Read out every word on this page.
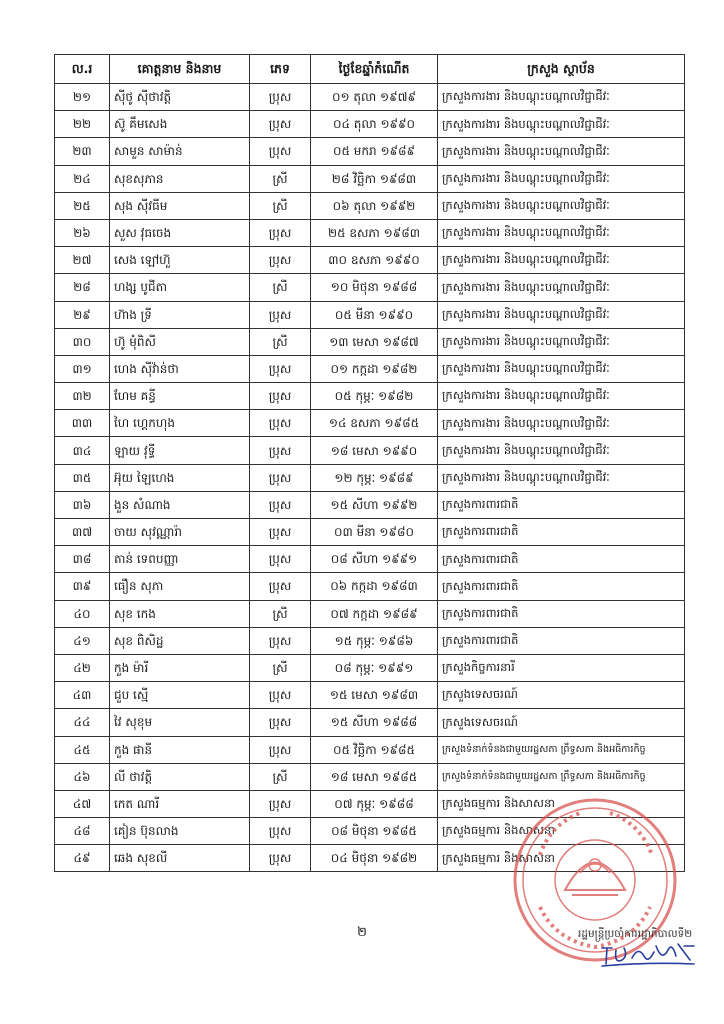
ល.រ	គោត្តនាម និងនាម	ភេទ	ថ្ងៃខែឆ្នាំកំណើត	ក្រសួង ស្ថាប័ន
២១	ស៊ីថូ ស៊ីថាវត្តិ	ប្រុស	០១ តុលា ១៩៧៩	ក្រសួងការងារ និងបណ្តុះបណ្តាលវិជ្ជាជីវៈ
២២	ស៊ូ គឹមសេង	ប្រុស	០៤ តុលា ១៩៩០	ក្រសួងការងារ និងបណ្តុះបណ្តាលវិជ្ជាជីវៈ
២៣	សាមួន សាម៉ាន់	ប្រុស	០៥ មករា ១៩៨៩	ក្រសួងការងារ និងបណ្តុះបណ្តាលវិជ្ជាជីវៈ
២៤	សុខសុភាន	ស្រី	២៨ វិច្ឆិកា ១៩៨៣	ក្រសួងការងារ និងបណ្តុះបណ្តាលវិជ្ជាជីវៈ
២៥	សុង ស៊ីវធីម	ស្រី	០៦ តុលា ១៩៩២	ក្រសួងការងារ និងបណ្តុះបណ្តាលវិជ្ជាជីវៈ
២៦	សួស វុធចេង	ប្រុស	២៥ ឧសភា ១៩៨៣	ក្រសួងការងារ និងបណ្តុះបណ្តាលវិជ្ជាជីវៈ
២៧	សេង ឡៅហ៊ួ	ប្រុស	៣០ ឧសភា ១៩៩០	ក្រសួងការងារ និងបណ្តុះបណ្តាលវិជ្ជាជីវៈ
២៨	ហង្ស បូជីតា	ស្រី	១០ មិថុនា ១៩៨៨	ក្រសួងការងារ និងបណ្តុះបណ្តាលវិជ្ជាជីវៈ
២៩	ហ៊ាង ទ្រី	ប្រុស	០៥ មីនា ១៩៩០	ក្រសួងការងារ និងបណ្តុះបណ្តាលវិជ្ជាជីវៈ
៣០	ហ៊ូ មុំពិសី	ស្រី	១៣ មេសា ១៩៨៧	ក្រសួងការងារ និងបណ្តុះបណ្តាលវិជ្ជាជីវៈ
៣១	ហេង ស៊ីវ៉ាន់ថា	ប្រុស	០១ កក្កដា ១៩៨២	ក្រសួងការងារ និងបណ្តុះបណ្តាលវិជ្ជាជីវៈ
៣២	ហែម គន្ធី	ប្រុស	០៥ កុម្ភៈ ១៩៨២	ក្រសួងការងារ និងបណ្តុះបណ្តាលវិជ្ជាជីវៈ
៣៣	ហៃ ហ្គេកហុង	ប្រុស	១៤ ឧសភា ១៩៨៥	ក្រសួងការងារ និងបណ្តុះបណ្តាលវិជ្ជាជីវៈ
៣៤	ឡាយ វុទ្ធី	ប្រុស	១៨ មេសា ១៩៩០	ក្រសួងការងារ និងបណ្តុះបណ្តាលវិជ្ជាជីវៈ
៣៥	អ៊ុយ ឡៃហេង	ប្រុស	១២ កុម្ភៈ ១៩៨៩	ក្រសួងការងារ និងបណ្តុះបណ្តាលវិជ្ជាជីវៈ
៣៦	ងួន សំណាង	ប្រុស	១៥ សីហា ១៩៩២	ក្រសួងការពារជាតិ
៣៧	ចាយ សុវណ្ណារ៉ា	ប្រុស	០៣ មីនា ១៩៨០	ក្រសួងការពារជាតិ
៣៨	តាន់ ទេពបញ្ញា	ប្រុស	០៨ សីហា ១៩៩១	ក្រសួងការពារជាតិ
៣៩	ធឿន សុភា	ប្រុស	០៦ កក្កដា ១៩៨៣	ក្រសួងការពារជាតិ
៤០	សុខ កេង	ស្រី	០៧ កក្កដា ១៩៨៩	ក្រសួងការពារជាតិ
៤១	សុខ ពិសិដ្ឋ	ប្រុស	១៥ កុម្ភៈ ១៩៨៦	ក្រសួងការពារជាតិ
៤២	កួង ម៉ារី	ស្រី	០៨ កុម្ភៈ ១៩៩១	ក្រសួងកិច្ចការនារី
៤៣	ជួប ស្មើ	ប្រុស	១៥ មេសា ១៩៨៣	ក្រសួងទេសចរណ៍
៤៤	វៃ សុខុម	ប្រុស	១៥ សីហា ១៩៨៨	ក្រសួងទេសចរណ៍
៤៥	កួង ផានី	ប្រុស	០៥ វិច្ឆិកា ១៩៨៥	ក្រសួងទំនាក់ទំនងជាមួយរដ្ឋសភា ព្រឹទ្ធសភា និងអធិការកិច្ច
៤៦	លី ថាវត្តិ	ស្រី	១៨ មេសា ១៩៨៥	ក្រសួងទំនាក់ទំនងជាមួយរដ្ឋសភា ព្រឹទ្ធសភា និងអធិការកិច្ច
៤៧	កេត ណារី	ប្រុស	០៧ កុម្ភៈ ១៩៨៨	ក្រសួងធម្មការ និងសាសនា
៤៨	គៀន ប៊ុនលាង	ប្រុស	០៨ មិថុនា ១៩៨៥	ក្រសួងធម្មការ និងសាសនា
៤៩	ឆេង សុខលី	ប្រុស	០៤ មិថុនា ១៩៨២	ក្រសួងធម្មការ និងសាសនា
២	រដ្ឋមន្ត្រីប្រចាំការរដ្ឋាភិបាលទី២
